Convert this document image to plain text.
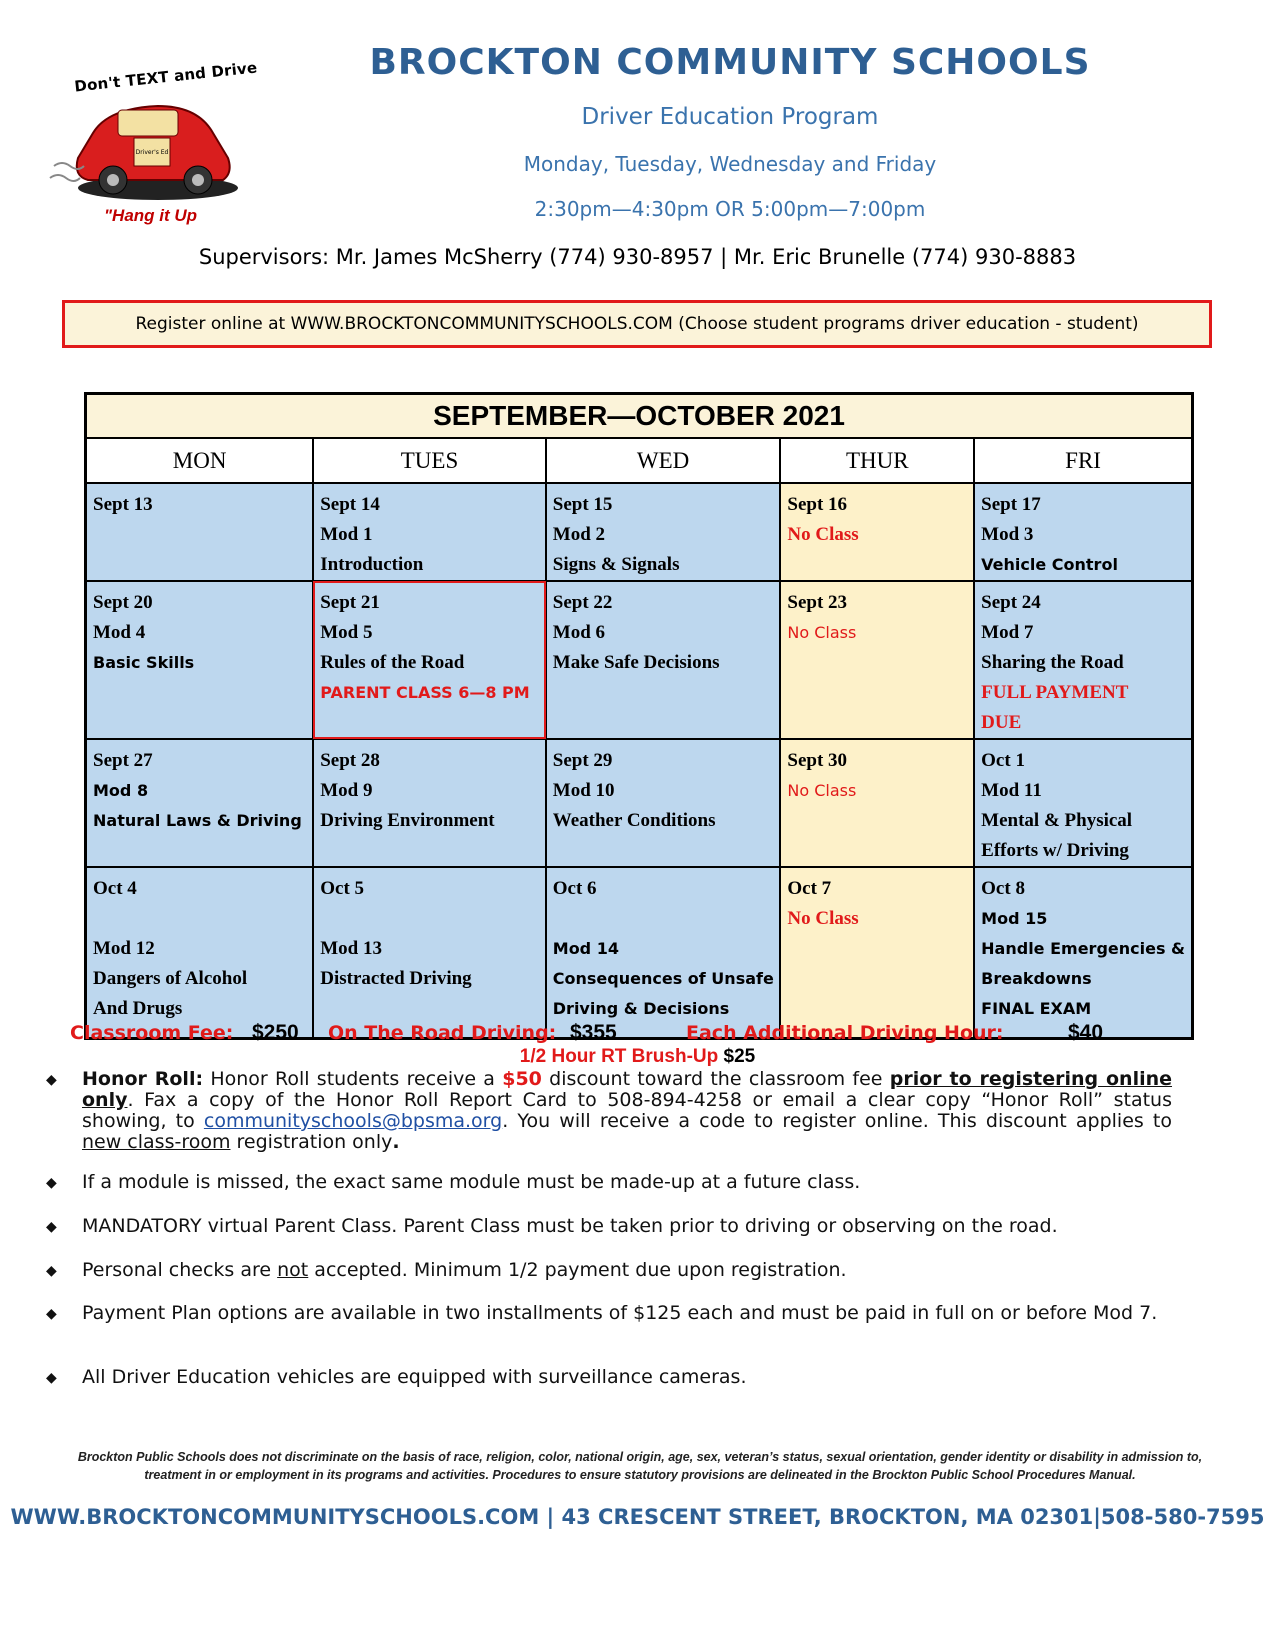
Don't TEXT and Drive
Driver's Ed
"Hang it Up
BROCKTON COMMUNITY SCHOOLS
Driver Education Program
Monday, Tuesday, Wednesday and Friday
2:30pm—4:30pm OR 5:00pm—7:00pm
Supervisors: Mr. James McSherry (774) 930-8957 | Mr. Eric Brunelle (774) 930-8883
Register online at WWW.BROCKTONCOMMUNITYSCHOOLS.COM (Choose student programs driver education - student)
SEPTEMBER—OCTOBER 2021
MON	TUES	WED	THUR	FRI

Sept 13	Sept 14
Mod 1
Introduction	Sept 15
Mod 2
Signs & Signals	Sept 16
No Class	Sept 17
Mod 3
Vehicle Control

Sept 20
Mod 4
Basic Skills	Sept 21
Mod 5
Rules of the Road
PARENT CLASS 6—8 PM	Sept 22
Mod 6
Make Safe Decisions	Sept 23
No Class	Sept 24
Mod 7
Sharing the Road
FULL PAYMENT
DUE

Sept 27
Mod 8
Natural Laws & Driving	Sept 28
Mod 9
Driving Environment	Sept 29
Mod 10
Weather Conditions	Sept 30
No Class	Oct 1
Mod 11
Mental & Physical
Efforts w/ Driving

Oct 4
Mod 12
Dangers of Alcohol
And Drugs	Oct 5
Mod 13
Distracted Driving	Oct 6
Mod 14
Consequences of Unsafe
Driving & Decisions	Oct 7
No Class	Oct 8
Mod 15
Handle Emergencies &
Breakdowns
FINAL EXAM
Classroom Fee: $250 On The Road Driving: $355	Each Additional Driving Hour:	$40
1/2 Hour RT Brush-Up $25
◆ Honor Roll: Honor Roll students receive a $50 discount toward the classroom fee prior to registering online only. Fax a copy of the Honor Roll Report Card to 508-894-4258 or email a clear copy “Honor Roll” status showing, to communityschools@bpsma.org. You will receive a code to register online. This discount applies to new class-room registration only.
◆ If a module is missed, the exact same module must be made-up at a future class.
◆ MANDATORY virtual Parent Class. Parent Class must be taken prior to driving or observing on the road.
◆ Personal checks are not accepted. Minimum 1/2 payment due upon registration.
◆ Payment Plan options are available in two installments of $125 each and must be paid in full on or before Mod 7.
◆ All Driver Education vehicles are equipped with surveillance cameras.
Brockton Public Schools does not discriminate on the basis of race, religion, color, national origin, age, sex, veteran’s status, sexual orientation, gender identity or disability in admission to, treatment in or employment in its programs and activities. Procedures to ensure statutory provisions are delineated in the Brockton Public School Procedures Manual.
WWW.BROCKTONCOMMUNITYSCHOOLS.COM | 43 CRESCENT STREET, BROCKTON, MA 02301|508-580-7595
